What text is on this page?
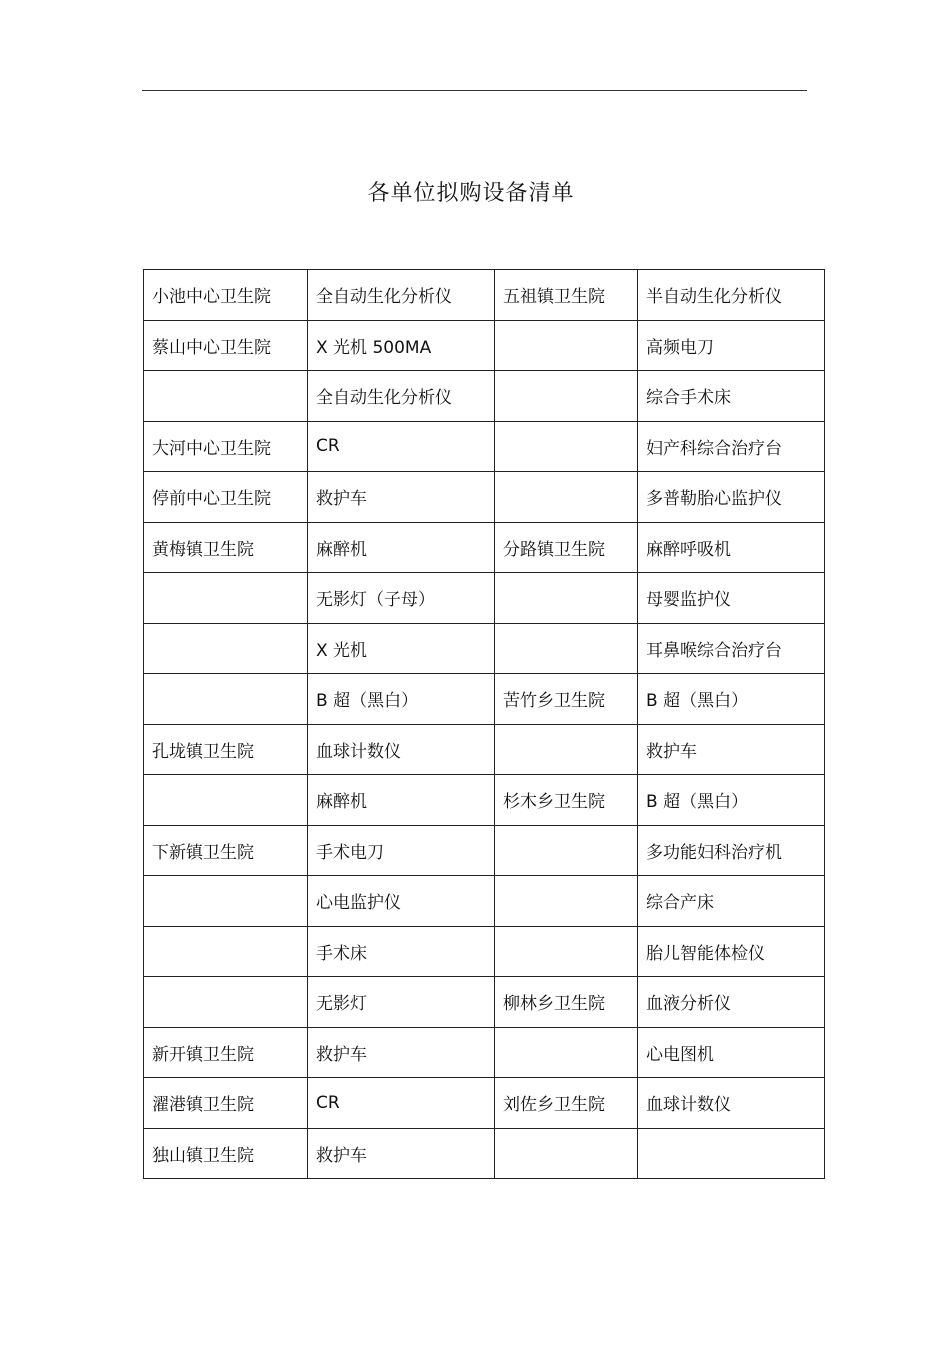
各单位拟购设备清单
小池中心卫生院	全自动生化分析仪	五祖镇卫生院	半自动生化分析仪
蔡山中心卫生院	X 光机 500MA		高频电刀
	全自动生化分析仪		综合手术床
大河中心卫生院	CR		妇产科综合治疗台
停前中心卫生院	救护车		多普勒胎心监护仪
黄梅镇卫生院	麻醉机	分路镇卫生院	麻醉呼吸机
	无影灯（子母）		母婴监护仪
	X 光机		耳鼻喉综合治疗台
	B 超（黑白）	苦竹乡卫生院	B 超（黑白）
孔垅镇卫生院	血球计数仪		救护车
	麻醉机	杉木乡卫生院	B 超（黑白）
下新镇卫生院	手术电刀		多功能妇科治疗机
	心电监护仪		综合产床
	手术床		胎儿智能体检仪
	无影灯	柳林乡卫生院	血液分析仪
新开镇卫生院	救护车		心电图机
濯港镇卫生院	CR	刘佐乡卫生院	血球计数仪
独山镇卫生院	救护车		
